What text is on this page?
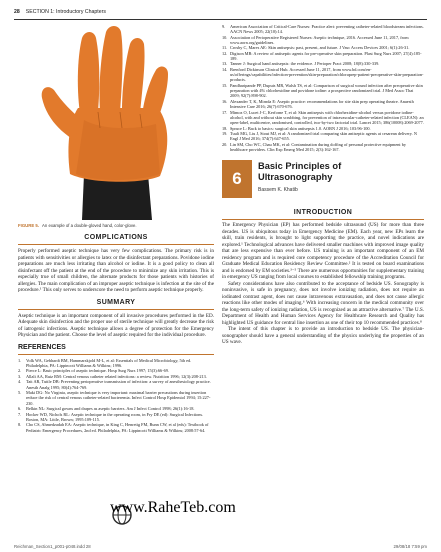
28 SECTION 1: Introductory Chapters
FIGURE 5. An example of a double-gloved hand, color-glove.
COMPLICATIONS

Properly performed aseptic technique has very few complications. The primary risk is in patients with sensitivities or allergies to latex or the disinfectant preparations. Povidone iodine preparations are much less irritating than alcohol or iodine. It is a good policy to clean all disinfectant off the patient at the end of the procedure to minimize any skin irritation. This is especially true of small children, the alternate products for those patients with histories of allergies. The main complication of an improper aseptic technique is infection at the site of the procedure.¹ This only serves to underscore the need to perform aseptic technique properly.

SUMMARY

Aseptic technique is an important component of all invasive procedures performed in the ED. Adequate skin disinfection and the proper use of sterile technique will greatly decrease the risk of iatrogenic infections. Aseptic technique allows a degree of protection for the Emergency Physician and the patient. Choose the level of aseptic required for the individual procedure.

REFERENCES
1. Volk WA, Gebhardt BM, Hammarskjold M-L, et al: Essentials of Medical Microbiology, 5th ed. Philadelphia, PA: Lippincott Williams & Wilkins; 1996.
2. Pierce L: Basic principles of aseptic technique. Hosp Surg Nurs 1997; 15(3):66-69.
3. Allali AA, Ruiz RM: Central venous catheter related infections: a review. Nutrition 1996; 12(3):208-213.
4. Tait AR, Tuttle DB: Preventing perioperative transmission of infection: a survey of anesthesiology practice. Anesth Analg 1995; 80(4):764-769.
5. Maki DG: No Virginia, aseptic technique is very important: maximal barrier precautions during insertion reduce the risk of central venous catheter-related bacteremia. Infect Control Hosp Epidemiol 1994; 15:227-230.
6. Belkin NL: Surgical gowns and drapes as aseptic barriers. Am J Infect Control 1998; 26(1):16-18.
7. Hocker WD, Nichols RL: Aseptic technique in the operating room, in Fry DE (ed): Surgical Infections. Boston, MA: Little, Brown; 1995:109-115.
8. Cho CS, Ahmedzadah EA: Aseptic technique, in King C, Henretig FM, Bunn CW, et al (eds): Textbook of Pediatric Emergency Procedures, 2nd ed. Philadelphia, PA: Lippincott Williams & Wilkins; 2008:57-64.
9. American Association of Critical-Care Nurses: Practice alert: preventing catheter-related bloodstream infections. AACN News 2005; 22(10):14.
10. Association of Perioperative Registered Nurses: Aseptic technique, 2016. Accessed June 11, 2017, from www.aorn.org/guidelines.
11. Crosby C, Mares AE: Skin antisepsis: past, present, and future. J Vasc Access Devices 2001; 6(1):26-31.
12. Digison MB: A review of antiseptic agents for pre-operative skin preparation. Plast Surg Nurs 2007; 27(4):185-189.
13. Tanner J: Surgical hand antisepsis: the evidence. J Perioper Pract 2008; 18(8):330-339.
14. Brenford Dickinson Clinical Hub. Accessed June 11, 2017, from www.bd.com/en-us/offerings/capabilities/infection-prevention/skin-preparation/chloraprep-patient-preoperative-skin-preparation-products.
15. Pandharipande PP, Dupuis MR, Walsh TS, et al: Comparison of surgical wound infection after preoperative skin preparation with 4% chlorhexidine and povidone iodine: a prospective randomized trial. J Med Assoc Thai 2009; 92(7):898-902.
16. Alexander T, K, Mirnda E: Aseptic practice: recommendations for site skin prep operating theatre. Anaesth Intensive Care 2016; 26(7):670-676.
17. Mimoz O, Lucet J-C, Kerforne T, et al: Skin antisepsis with chlorhexidine-alcohol versus povidone iodine-alcohol, with and without skin scrubbing, for prevention of intravascular-catheter-related infection (CLEAN): an open-label, multicentre, randomised, controlled, two-by-two factorial trial. Lancet 2015; 386(10008):2069-2077.
18. Spruce L: Back to basics: surgical skin antisepsis 1.0. AORN J 2016; 103:96-100.
19. Tuuli MG, Liu J, Stout MJ, et al: A randomized trial comparing skin antiseptic agents at cesarean delivery. N Engl J Med 2016; 374(7):647-655.
20. Lin SM, Cho WC, Chau MK, et al: Contamination during doffing of personal protective equipment by healthcare providers. Clin Exp Emerg Med 2015; 2(3):162-167.
6
Basic Principles of
Ultrasonography
Bassem K. Khatib
INTRODUCTION

The Emergency Physician (EP) has performed bedside ultrasound (US) for more than three decades. US is ubiquitous today in Emergency Medicine (EM). Each year, new EPs learn the skill, train residents, is brought to light supporting the practice, and novel indications are explored.¹ Technological advances have delivered smaller machines with improved image quality that are less expensive than ever before. US training is an important component of an EM residency program and is required core competency procedure of the Accreditation Council for Graduate Medical Education Residency Review Committee.² It is tested on board examinations and is endorsed by EM societies.³⁻⁵ There are numerous opportunities for supplementary training in emergency US ranging from local courses to established fellowship training programs.
Safety considerations have also contributed to the acceptance of bedside US. Sonography is noninvasive, is safe in pregnancy, does not involve ionizing radiation, does not require an iodinated contrast agent, does not cause intravenous extravasation, and does not cause allergic reactions like other modes of imaging.⁶ With increasing concern in the medical community over the long-term safety of ionizing radiation, US is recognized as an attractive alternative.⁷ The U.S. Department of Health and Human Services Agency for Healthcare Research and Quality has highlighted US guidance for central line insertion as one of their top 10 recommended practices.⁸
The intent of this chapter is to provide an introduction to bedside US. The physician-sonographer should have a general understanding of the physics underlying the properties of an US wave.

www.RaheTeb.com
Reichman_Section1_p001-p048.indd 28	29/08/18 7:59 pm
